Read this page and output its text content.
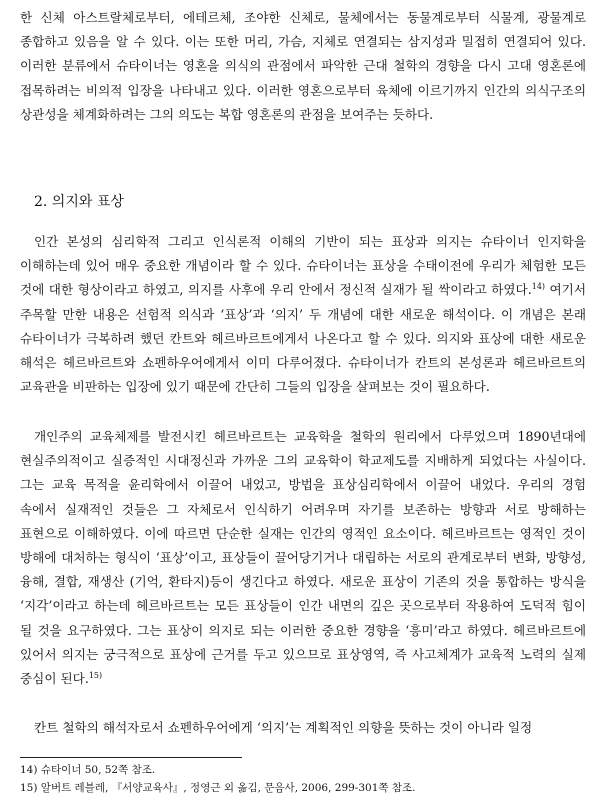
한 신체 아스트랄체로부터, 에테르체, 조야한 신체로, 물체에서는 동물계로부터 식물계, 광물계로 종합하고 있음을 알 수 있다. 이는 또한 머리, 가슴, 지체로 연결되는 삼지성과 밀접히 연결되어 있다. 이러한 분류에서 슈타이너는 영혼을 의식의 관점에서 파악한 근대 철학의 경향을 다시 고대 영혼론에 접목하려는 비의적 입장을 나타내고 있다. 이러한 영혼으로부터 육체에 이르기까지 인간의 의식구조의 상관성을 체계화하려는 그의 의도는 복합 영혼론의 관점을 보여주는 듯하다.

2. 의지와 표상

인간 본성의 심리학적 그리고 인식론적 이해의 기반이 되는 표상과 의지는 슈타이너 인지학을 이해하는데 있어 매우 중요한 개념이라 할 수 있다. 슈타이너는 표상을 수태이전에 우리가 체험한 모든 것에 대한 형상이라고 하였고, 의지를 사후에 우리 안에서 정신적 실재가 될 싹이라고 하였다.$^{14)}$ 여기서 주목할 만한 내용은 선험적 의식과 ‘표상’과 ‘의지’ 두 개념에 대한 새로운 해석이다. 이 개념은 본래 슈타이너가 극복하려 했던 칸트와 헤르바르트에게서 나온다고 할 수 있다. 의지와 표상에 대한 새로운 해석은 헤르바르트와 쇼펜하우어에게서 이미 다루어졌다. 슈타이너가 칸트의 본성론과 헤르바르트의 교육관을 비판하는 입장에 있기 때문에 간단히 그들의 입장을 살펴보는 것이 필요하다.

개인주의 교육체제를 발전시킨 헤르바르트는 교육학을 철학의 원리에서 다루었으며 1890년대에 현실주의적이고 실증적인 시대정신과 가까운 그의 교육학이 학교제도를 지배하게 되었다는 사실이다. 그는 교육 목적을 윤리학에서 이끌어 내었고, 방법을 표상심리학에서 이끌어 내었다. 우리의 경험 속에서 실재적인 것들은 그 자체로서 인식하기 어려우며 자기를 보존하는 방향과 서로 방해하는 표현으로 이해하였다. 이에 따르면 단순한 실재는 인간의 영적인 요소이다. 헤르바르트는 영적인 것이 방해에 대처하는 형식이 ‘표상’이고, 표상들이 끌어당기거나 대립하는 서로의 관계로부터 변화, 방향성, 융해, 결합, 재생산 (기억, 환타지)등이 생긴다고 하였다. 새로운 표상이 기존의 것을 통합하는 방식을 ‘지각’이라고 하는데 헤르바르트는 모든 표상들이 인간 내면의 깊은 곳으로부터 작용하여 도덕적 힘이 될 것을 요구하였다. 그는 표상이 의지로 되는 이러한 중요한 경향을 ‘흥미’라고 하였다. 헤르바르트에 있어서 의지는 궁극적으로 표상에 근거를 두고 있으므로 표상영역, 즉 사고체계가 교육적 노력의 실제 중심이 된다.$^{15)}$

칸트 철학의 해석자로서 쇼펜하우어에게 ‘의지’는 계획적인 의향을 뜻하는 것이 아니라 일정

14) 슈타이너 50, 52쪽 참조.
15) 알버트 레블레, 『서양교육사』, 정영근 외 옮김, 문음사, 2006, 299-301쪽 참조.
